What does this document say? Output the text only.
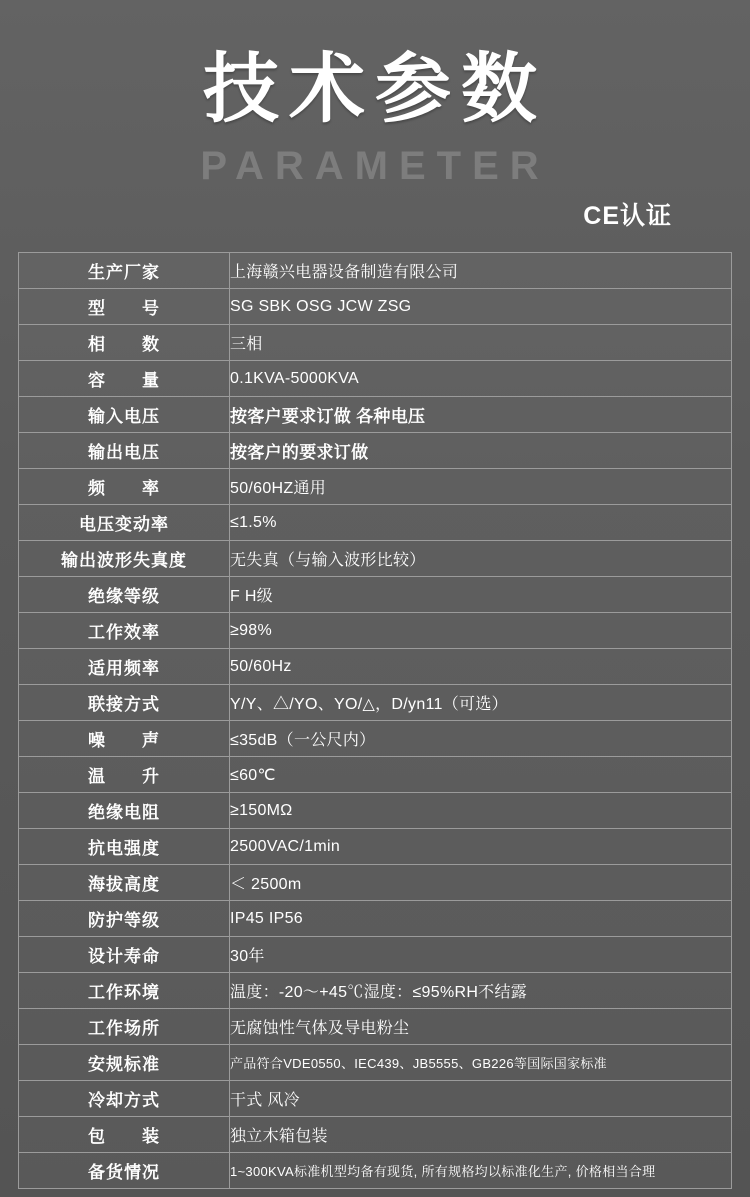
PARAMETER
技术参数
CE认证
生产厂家	上海赣兴电器设备制造有限公司
型　　号	SG SBK OSG JCW ZSG
相　　数	三相
容　　量	0.1KVA-5000KVA
输入电压	按客户要求订做 各种电压
输出电压	按客户的要求订做
频　　率	50/60HZ通用
电压变动率	≤1.5%
输出波形失真度	无失真（与输入波形比较）
绝缘等级	F H级
工作效率	≥98%
适用频率	50/60Hz
联接方式	Y/Y、△/YO、YO/△，D/yn11（可选）
噪　　声	≤35dB（一公尺内）
温　　升	≤60℃
绝缘电阻	≥150MΩ
抗电强度	2500VAC/1min
海拔高度	＜ 2500m
防护等级	IP45 IP56
设计寿命	30年
工作环境	温度：-20～+45℃湿度：≤95%RH不结露
工作场所	无腐蚀性气体及导电粉尘
安规标准	产品符合VDE0550、IEC439、JB5555、GB226等国际国家标准
冷却方式	干式 风冷
包　　装	独立木箱包装
备货情况	1~300KVA标准机型均备有现货, 所有规格均以标准化生产, 价格相当合理
